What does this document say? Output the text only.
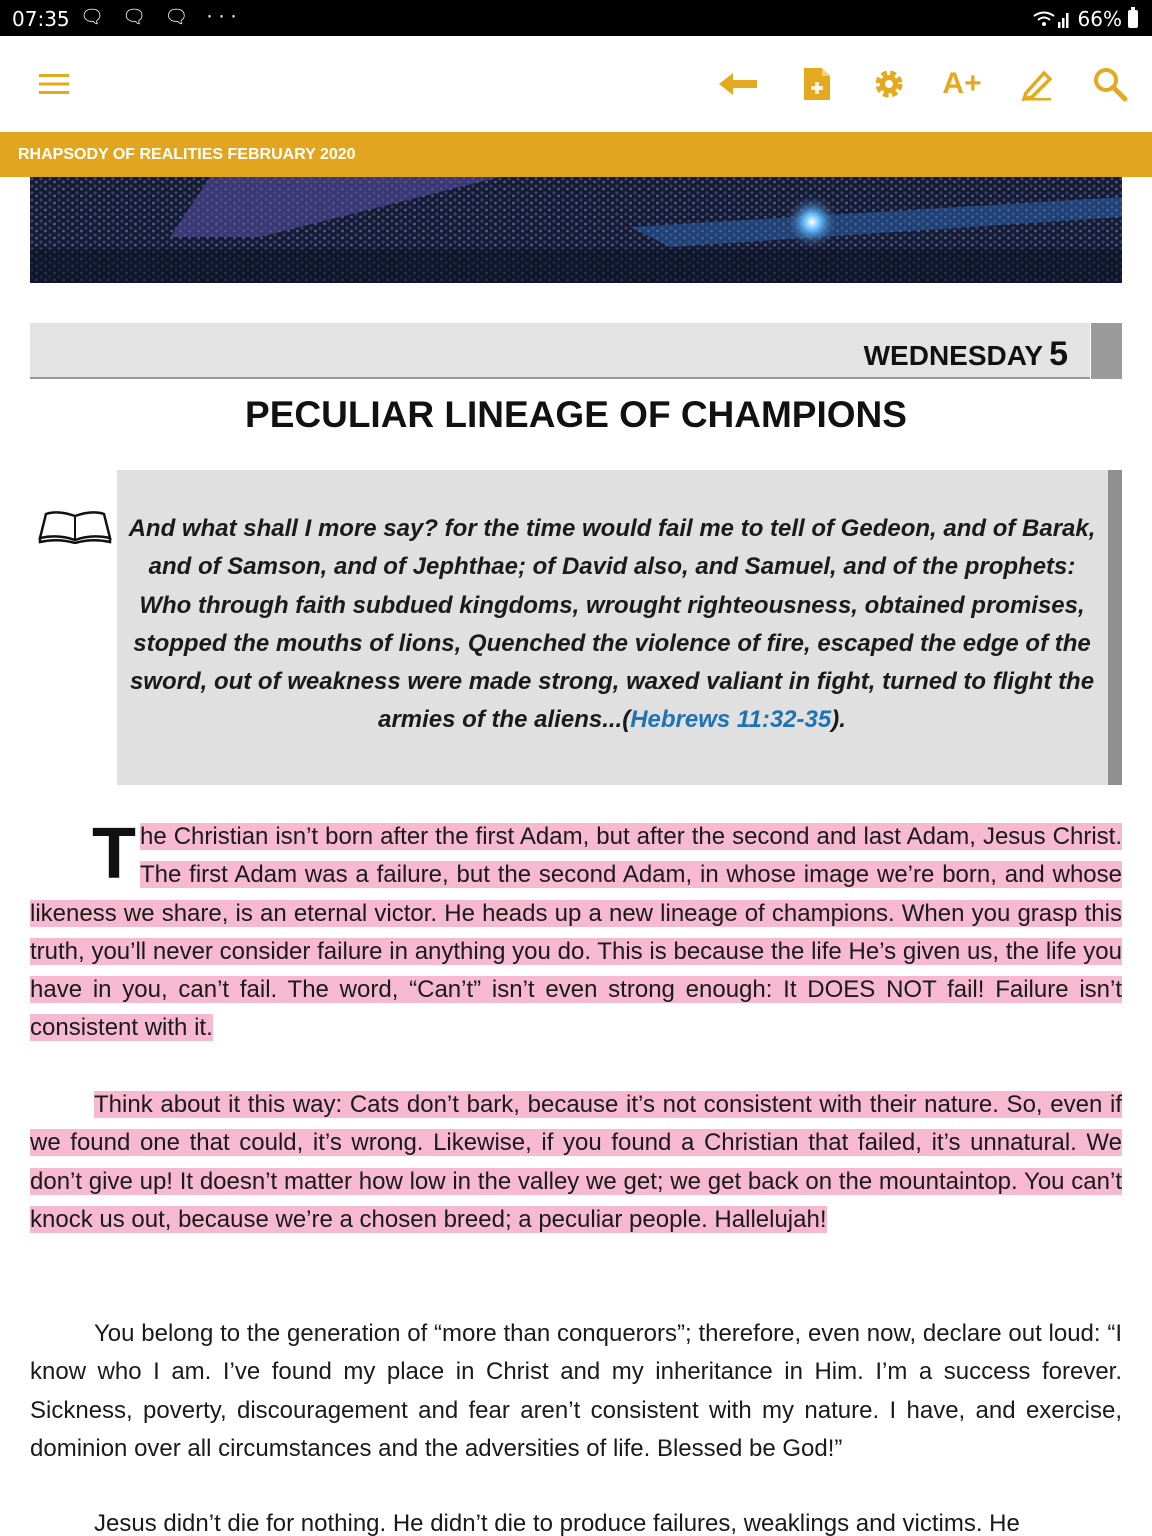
07:35 🗨 🗨 🗨 ···	66%
A+
RHAPSODY OF REALITIES FEBRUARY 2020
WEDNESDAY 5
PECULIAR LINEAGE OF CHAMPIONS

And what shall I more say? for the time would fail me to tell of Gedeon, and of Barak, and of Samson, and of Jephthae; of David also, and Samuel, and of the prophets: Who through faith subdued kingdoms, wrought righteousness, obtained promises, stopped the mouths of lions, Quenched the violence of fire, escaped the edge of the sword, out of weakness were made strong, waxed valiant in fight, turned to flight the armies of the aliens...(Hebrews 11:32-35).

The Christian isn’t born after the first Adam, but after the second and last Adam, Jesus Christ. The first Adam was a failure, but the second Adam, in whose image we’re born, and whose likeness we share, is an eternal victor. He heads up a new lineage of champions. When you grasp this truth, you’ll never consider failure in anything you do. This is because the life He’s given us, the life you have in you, can’t fail. The word, “Can’t” isn’t even strong enough: It DOES NOT fail! Failure isn’t consistent with it.

Think about it this way: Cats don’t bark, because it’s not consistent with their nature. So, even if we found one that could, it’s wrong. Likewise, if you found a Christian that failed, it’s unnatural. We don’t give up! It doesn’t matter how low in the valley we get; we get back on the mountaintop. You can’t knock us out, because we’re a chosen breed; a peculiar people. Hallelujah!

You belong to the generation of “more than conquerors”; therefore, even now, declare out loud: “I know who I am. I’ve found my place in Christ and my inheritance in Him. I’m a success forever. Sickness, poverty, discouragement and fear aren’t consistent with my nature. I have, and exercise, dominion over all circumstances and the adversities of life. Blessed be God!”

Jesus didn’t die for nothing. He didn’t die to produce failures, weaklings and victims. He
